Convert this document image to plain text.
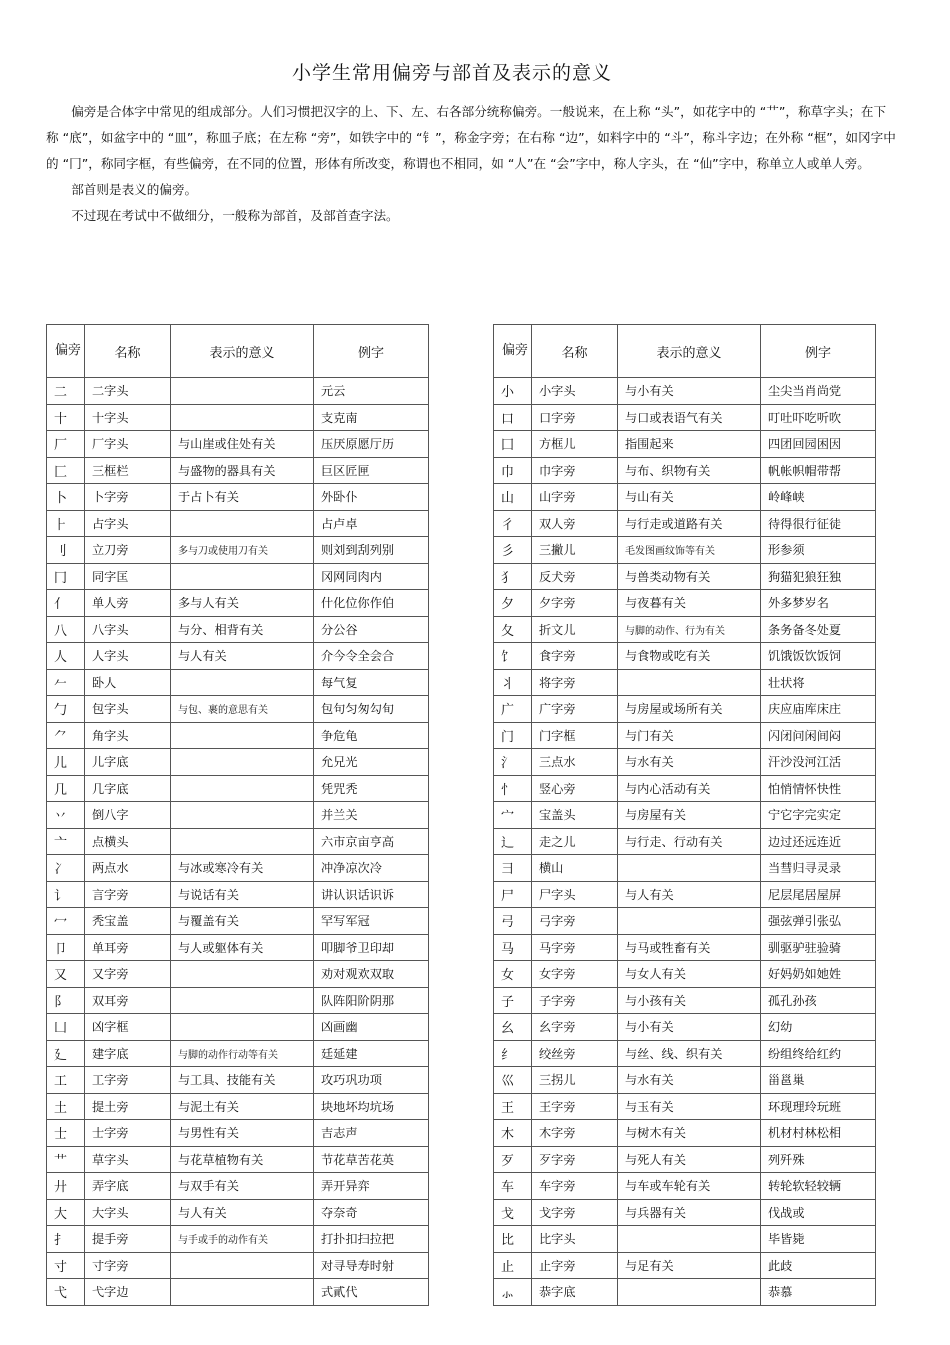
小学生常用偏旁与部首及表示的意义

偏旁是合体字中常见的组成部分。人们习惯把汉字的上、下、左、右各部分统称偏旁。一般说来，在上称 “头”，如花字中的 “艹”，称草字头；在下称 “底”，如盆字中的 “皿”，称皿子底；在左称 “旁”，如铁字中的 “钅”，称金字旁；在右称 “边”，如料字中的 “斗”，称斗字边；在外称 “框”，如冈字中的 “冂”，称同字框，有些偏旁，在不同的位置，形体有所改变，称谓也不相同，如 “人”在 “会”字中，称人字头，在 “仙”字中，称单立人或单人旁。

部首则是表义的偏旁。

不过现在考试中不做细分，一般称为部首，及部首查字法。

偏旁	名称	表示的意义	例字
二	二字头		元云
十	十字头		支克南
厂	厂字头	与山崖或住处有关	压厌原愿厅历
匚	三框栏	与盛物的器具有关	巨区匠匣
卜	卜字旁	于占卜有关	外卧仆
⺊	占字头		占卢卓
刂	立刀旁	多与刀或使用刀有关	则刘到刮列别
冂	同字匡		冈网同肉内
亻	单人旁	多与人有关	什化位你作伯
八	八字头	与分、相背有关	分公谷
人	人字头	与人有关	介今令全会合
𠂉	卧人		每气复
勹	包字头	与包、裹的意思有关	包句匀匆勾旬
⺈	角字头		争危龟
儿	儿字底		允兄光
几	几字底		凭咒秃
丷	倒八字		并兰关
亠	点横头		六市京亩亨高
冫	两点水	与冰或寒冷有关	冲净凉次冷
讠	言字旁	与说话有关	讲认识话识诉
冖	秃宝盖	与覆盖有关	罕写军冠
卩	单耳旁	与人或躯体有关	叩脚爷卫印却
又	又字旁		劝对观欢双取
阝	双耳旁		队阵阳阶阴那
凵	凶字框		凶画幽
廴	建字底	与脚的动作行动等有关	廷延建
工	工字旁	与工具、技能有关	攻巧巩功项
土	提土旁	与泥土有关	块地坏均坑场
士	士字旁	与男性有关	吉志声
艹	草字头	与花草植物有关	节花草苦花英
廾	弄字底	与双手有关	弄开异弈
大	大字头	与人有关	夺奈奇
扌	提手旁	与手或手的动作有关	打扑扣扫拉把
寸	寸字旁		对寻导寿时射
弋	弋字边		式貳代
偏旁	名称	表示的意义	例字
小	小字头	与小有关	尘尖当肖尚党
口	口字旁	与口或表语气有关	叮吐吓吃听吹
囗	方框儿	指围起来	四团回园困因
巾	巾字旁	与布、织物有关	帆帐帜帽带帮
山	山字旁	与山有关	岭峰峡
彳	双人旁	与行走或道路有关	待得很行征徒
彡	三撇儿	毛发图画纹饰等有关	形参须
犭	反犬旁	与兽类动物有关	狗猫犯狼狂独
夕	夕字旁	与夜暮有关	外多梦岁名
夂	折文儿	与脚的动作、行为有关	条务备冬处夏
饣	食字旁	与食物或吃有关	饥饿饭饮饭饲
丬	将字旁		壮状将
广	广字旁	与房屋或场所有关	庆应庙库床庄
门	门字框	与门有关	闪闭问闲间闷
氵	三点水	与水有关	汗沙没河江活
忄	竖心旁	与内心活动有关	怕悄情怀快性
宀	宝盖头	与房屋有关	宁它字完实定
辶	走之儿	与行走、行动有关	边过还远连近
彐	横山		当彗归寻灵录
尸	尸字头	与人有关	尼层尾居屋屏
弓	弓字旁		强弦弹引张弘
马	马字旁	与马或牲畜有关	驯驱驴驻验骑
女	女字旁	与女人有关	好妈奶如她姓
子	子字旁	与小孩有关	孤孔孙孩
幺	幺字旁	与小有关	幻幼
纟	绞丝旁	与丝、线、织有关	纷组终给红约
巛	三拐儿	与水有关	甾邕巢
王	王字旁	与玉有关	环现理玲玩班
木	木字旁	与树木有关	机材村林松相
歹	歹字旁	与死人有关	列歼殊
车	车字旁	与车或车轮有关	转轮软轻较辆
戈	戈字旁	与兵器有关	伐战或
比	比字头		毕皆毙
止	止字旁	与足有关	此歧
⺗	恭字底		恭慕
